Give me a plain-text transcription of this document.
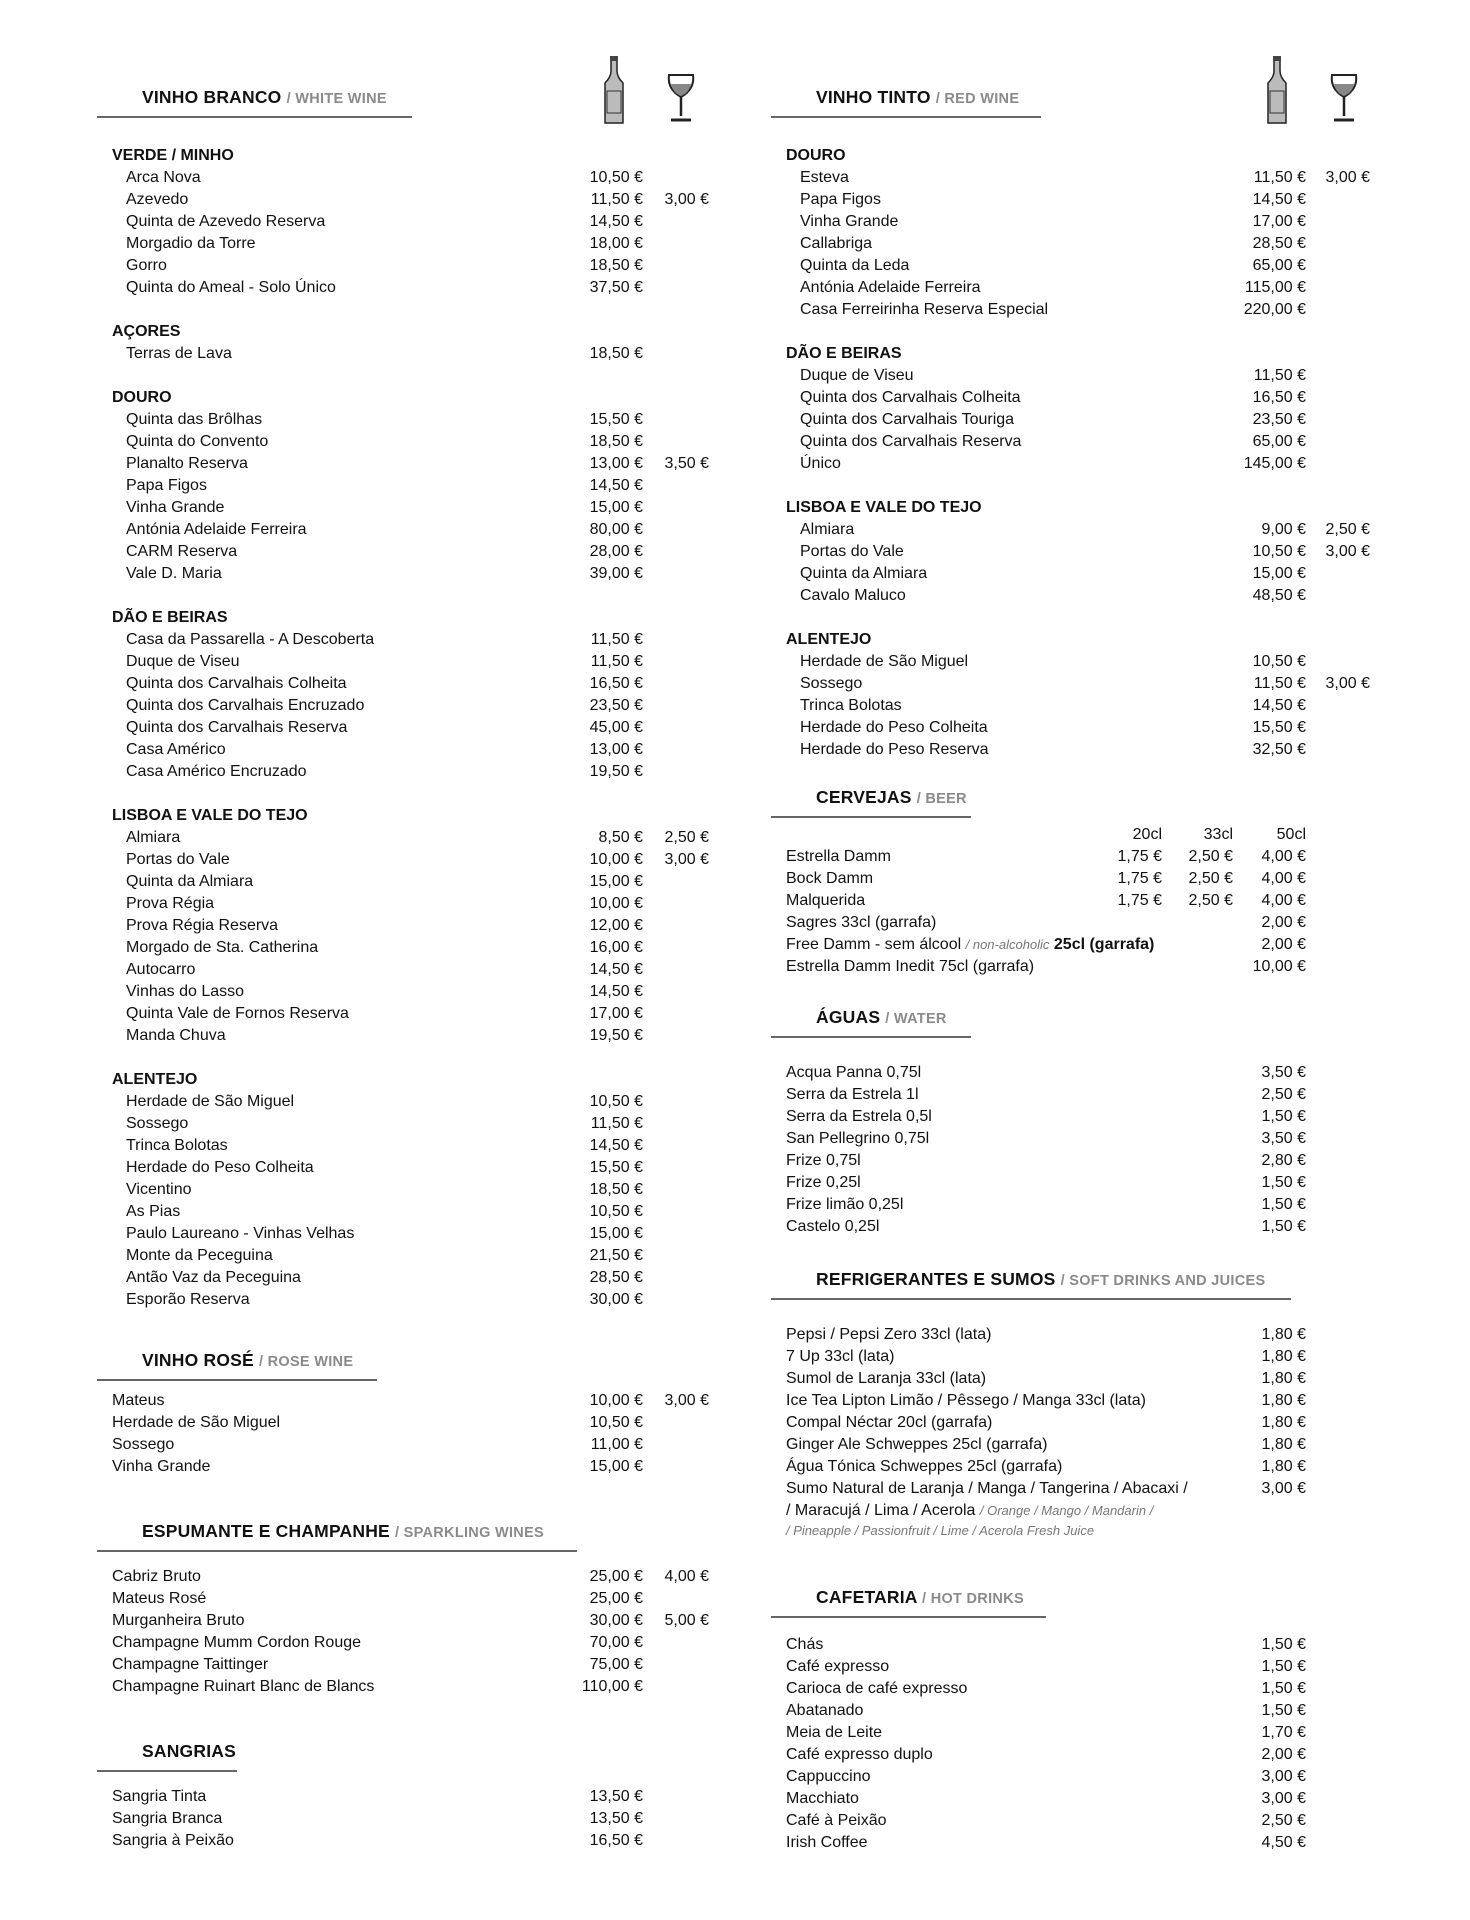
VINHO BRANCO / WHITE WINE
VERDE / MINHO
Arca Nova	10,50 €
Azevedo	11,50 € 3,00 €
Quinta de Azevedo Reserva	14,50 €
Morgadio da Torre	18,00 €
Gorro	18,50 €
Quinta do Ameal - Solo Único	37,50 €
AÇORES
Terras de Lava	18,50 €
DOURO
Quinta das Brôlhas	15,50 €
Quinta do Convento	18,50 €
Planalto Reserva	13,00 € 3,50 €
Papa Figos	14,50 €
Vinha Grande	15,00 €
Antónia Adelaide Ferreira	80,00 €
CARM Reserva	28,00 €
Vale D. Maria	39,00 €
DÃO E BEIRAS
Casa da Passarella - A Descoberta	11,50 €
Duque de Viseu	11,50 €
Quinta dos Carvalhais Colheita	16,50 €
Quinta dos Carvalhais Encruzado	23,50 €
Quinta dos Carvalhais Reserva	45,00 €
Casa Américo	13,00 €
Casa Américo Encruzado	19,50 €
LISBOA E VALE DO TEJO
Almiara	8,50 € 2,50 €
Portas do Vale	10,00 € 3,00 €
Quinta da Almiara	15,00 €
Prova Régia	10,00 €
Prova Régia Reserva	12,00 €
Morgado de Sta. Catherina	16,00 €
Autocarro	14,50 €
Vinhas do Lasso	14,50 €
Quinta Vale de Fornos Reserva	17,00 €
Manda Chuva	19,50 €
ALENTEJO
Herdade de São Miguel	10,50 €
Sossego	11,50 €
Trinca Bolotas	14,50 €
Herdade do Peso Colheita	15,50 €
Vicentino	18,50 €
As Pias	10,50 €
Paulo Laureano - Vinhas Velhas	15,00 €
Monte da Peceguina	21,50 €
Antão Vaz da Peceguina	28,50 €
Esporão Reserva	30,00 €
VINHO ROSÉ / ROSE WINE
Mateus	10,00 € 3,00 €
Herdade de São Miguel	10,50 €
Sossego	11,00 €
Vinha Grande	15,00 €
ESPUMANTE E CHAMPANHE / SPARKLING WINES
Cabriz Bruto	25,00 € 4,00 €
Mateus Rosé	25,00 €
Murganheira Bruto	30,00 € 5,00 €
Champagne Mumm Cordon Rouge	70,00 €
Champagne Taittinger	75,00 €
Champagne Ruinart Blanc de Blancs	110,00 €
SANGRIAS
Sangria Tinta	13,50 €
Sangria Branca	13,50 €
Sangria à Peixão	16,50 €
VINHO TINTO / RED WINE
DOURO
Esteva	11,50 € 3,00 €
Papa Figos	14,50 €
Vinha Grande	17,00 €
Callabriga	28,50 €
Quinta da Leda	65,00 €
Antónia Adelaide Ferreira	115,00 €
Casa Ferreirinha Reserva Especial	220,00 €
DÃO E BEIRAS
Duque de Viseu	11,50 €
Quinta dos Carvalhais Colheita	16,50 €
Quinta dos Carvalhais Touriga	23,50 €
Quinta dos Carvalhais Reserva	65,00 €
Único	145,00 €
LISBOA E VALE DO TEJO
Almiara	9,00 € 2,50 €
Portas do Vale	10,50 € 3,00 €
Quinta da Almiara	15,00 €
Cavalo Maluco	48,50 €
ALENTEJO
Herdade de São Miguel	10,50 €
Sossego	11,50 € 3,00 €
Trinca Bolotas	14,50 €
Herdade do Peso Colheita	15,50 €
Herdade do Peso Reserva	32,50 €
CERVEJAS / BEER
20cl	33cl	50cl
Estrella Damm	1,75 € 2,50 € 4,00 €
Bock Damm	1,75 € 2,50 € 4,00 €
Malquerida	1,75 € 2,50 € 4,00 €
Sagres 33cl (garrafa)	2,00 €
Free Damm - sem álcool / non-alcoholic 25cl (garrafa)	2,00 €
Estrella Damm Inedit 75cl (garrafa)	10,00 €
ÁGUAS / WATER
Acqua Panna 0,75l	3,50 €
Serra da Estrela 1l	2,50 €
Serra da Estrela 0,5l	1,50 €
San Pellegrino 0,75l	3,50 €
Frize 0,75l	2,80 €
Frize 0,25l	1,50 €
Frize limão 0,25l	1,50 €
Castelo 0,25l	1,50 €
REFRIGERANTES E SUMOS / SOFT DRINKS AND JUICES
Pepsi / Pepsi Zero 33cl (lata)	1,80 €
7 Up 33cl (lata)	1,80 €
Sumol de Laranja 33cl (lata)	1,80 €
Ice Tea Lipton Limão / Pêssego / Manga 33cl (lata)	1,80 €
Compal Néctar 20cl (garrafa)	1,80 €
Ginger Ale Schweppes 25cl (garrafa)	1,80 €
Água Tónica Schweppes 25cl (garrafa)	1,80 €
Sumo Natural de Laranja / Manga / Tangerina / Abacaxi /	3,00 €
/ Maracujá / Lima / Acerola / Orange / Mango / Mandarin /
/ Pineapple / Passionfruit / Lime / Acerola Fresh Juice
CAFETARIA / HOT DRINKS
Chás	1,50 €
Café expresso	1,50 €
Carioca de café expresso	1,50 €
Abatanado	1,50 €
Meia de Leite	1,70 €
Café expresso duplo	2,00 €
Cappuccino	3,00 €
Macchiato	3,00 €
Café à Peixão	2,50 €
Irish Coffee	4,50 €
